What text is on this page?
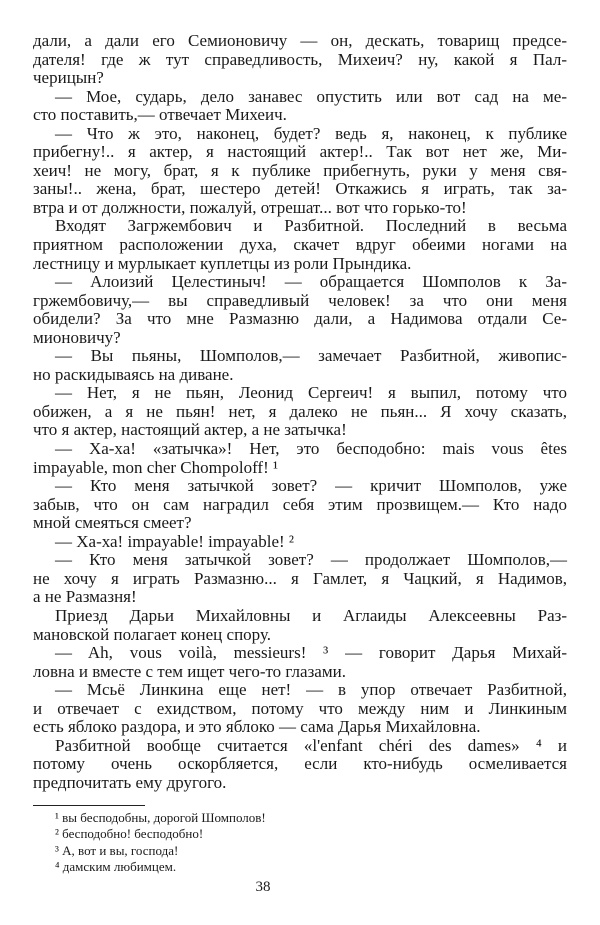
дали, а дали его Семионовичу — он, дескать, товарищ предсе-
дателя! где ж тут справедливость, Михеич? ну, какой я Пал-
черицын?
— Мое, сударь, дело занавес опустить или вот сад на ме-
сто поставить,— отвечает Михеич.
— Что ж это, наконец, будет? ведь я, наконец, к публике
прибегну!.. я актер, я настоящий актер!.. Так вот нет же, Ми-
хеич! не могу, брат, я к публике прибегнуть, руки у меня свя-
заны!.. жена, брат, шестеро детей! Откажись я играть, так за-
втра и от должности, пожалуй, отрешат... вот что горько-то!
Входят Загржембович и Разбитной. Последний в весьма
приятном расположении духа, скачет вдруг обеими ногами на
лестницу и мурлыкает куплетцы из роли Прындика.
— Алоизий Целестиныч! — обращается Шомполов к За-
гржембовичу,— вы справедливый человек! за что они меня
обидели? За что мне Размазню дали, а Надимова отдали Се-
мионовичу?
— Вы пьяны, Шомполов,— замечает Разбитной, живопис-
но раскидываясь на диване.
— Нет, я не пьян, Леонид Сергеич! я выпил, потому что
обижен, а я не пьян! нет, я далеко не пьян... Я хочу сказать,
что я актер, настоящий актер, а не затычка!
— Ха-ха! «затычка»! Нет, это бесподобно: mais vous êtes
impayable, mon cher Chompoloff! ¹
— Кто меня затычкой зовет? — кричит Шомполов, уже
забыв, что он сам наградил себя этим прозвищем.— Кто надо
мной смеяться смеет?
— Ха-ха! impayable! impayable! ²
— Кто меня затычкой зовет? — продолжает Шомполов,—
не хочу я играть Размазню... я Гамлет, я Чацкий, я Надимов,
а не Размазня!
Приезд Дарьи Михайловны и Аглаиды Алексеевны Раз-
мановской полагает конец спору.
— Ah, vous voilà, messieurs! ³ — говорит Дарья Михай-
ловна и вместе с тем ищет чего-то глазами.
— Мсьё Линкина еще нет! — в упор отвечает Разбитной,
и отвечает с ехидством, потому что между ним и Линкиным
есть яблоко раздора, и это яблоко — сама Дарья Михайловна.
Разбитной вообще считается «l'enfant chéri des dames» ⁴ и
потому очень оскорбляется, если кто-нибудь осмеливается
предпочитать ему другого.
¹ вы бесподобны, дорогой Шомполов!
² бесподобно! бесподобно!
³ А, вот и вы, господа!
⁴ дамским любимцем.
38
